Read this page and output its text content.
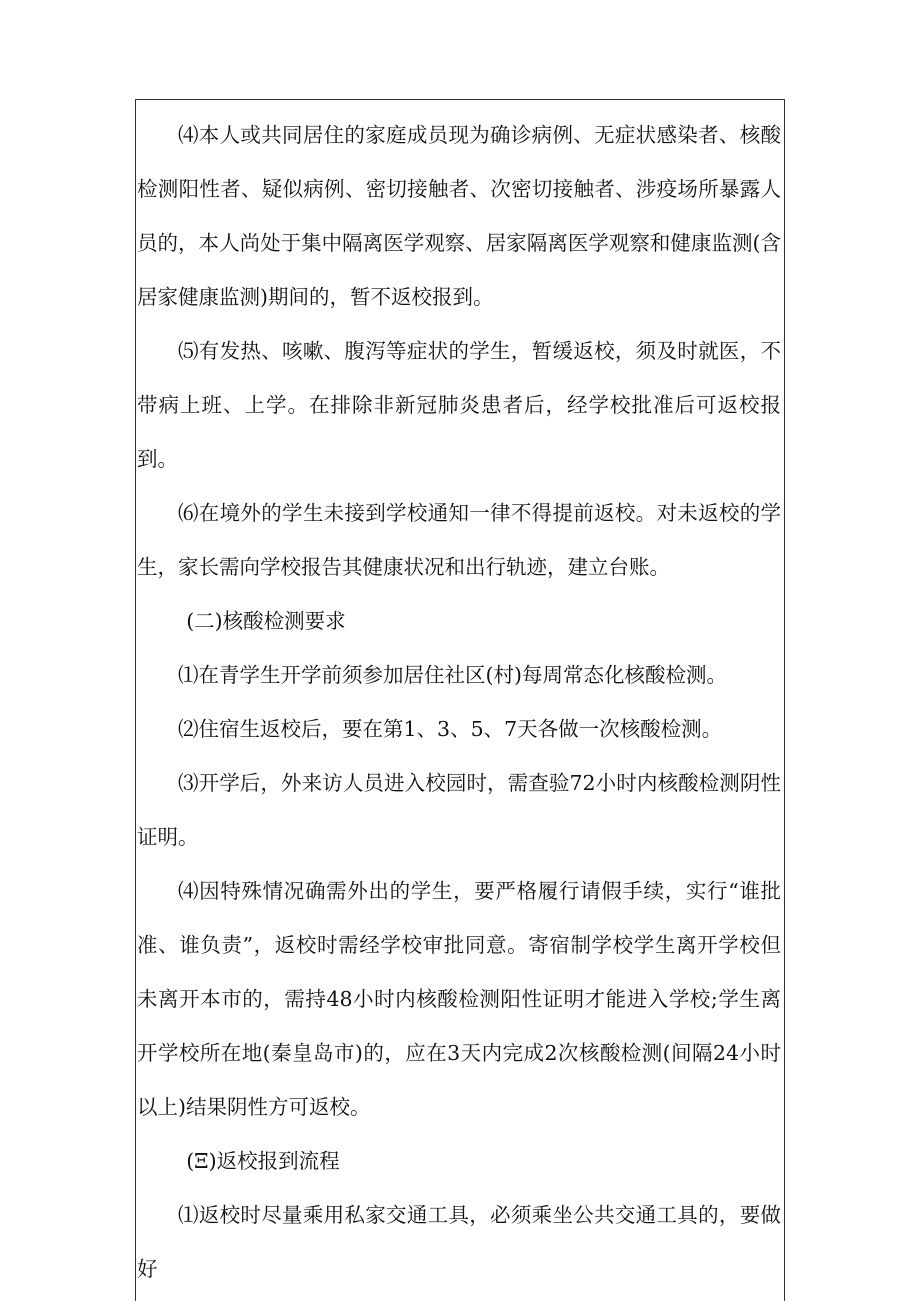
⑷本人或共同居住的家庭成员现为确诊病例、无症状感染者、核酸检测阳性者、疑似病例、密切接触者、次密切接触者、涉疫场所暴露人员的，本人尚处于集中隔离医学观察、居家隔离医学观察和健康监测(含居家健康监测)期间的，暂不返校报到。

⑸有发热、咳嗽、腹泻等症状的学生，暂缓返校，须及时就医，不带病上班、上学。在排除非新冠肺炎患者后，经学校批准后可返校报到。

⑹在境外的学生未接到学校通知一律不得提前返校。对未返校的学生，家长需向学校报告其健康状况和出行轨迹，建立台账。

(二)核酸检测要求

⑴在青学生开学前须参加居住社区(村)每周常态化核酸检测。

⑵住宿生返校后，要在第1、3、5、7天各做一次核酸检测。

⑶开学后，外来访人员进入校园时，需查验72小时内核酸检测阴性证明。

⑷因特殊情况确需外出的学生，要严格履行请假手续，实行“谁批准、谁负责”，返校时需经学校审批同意。寄宿制学校学生离开学校但未离开本市的，需持48小时内核酸检测阳性证明才能进入学校;学生离开学校所在地(秦皇岛市)的，应在3天内完成2次核酸检测(间隔24小时以上)结果阴性方可返校。

(Ξ)返校报到流程

⑴返校时尽量乘用私家交通工具，必须乘坐公共交通工具的，要做好
